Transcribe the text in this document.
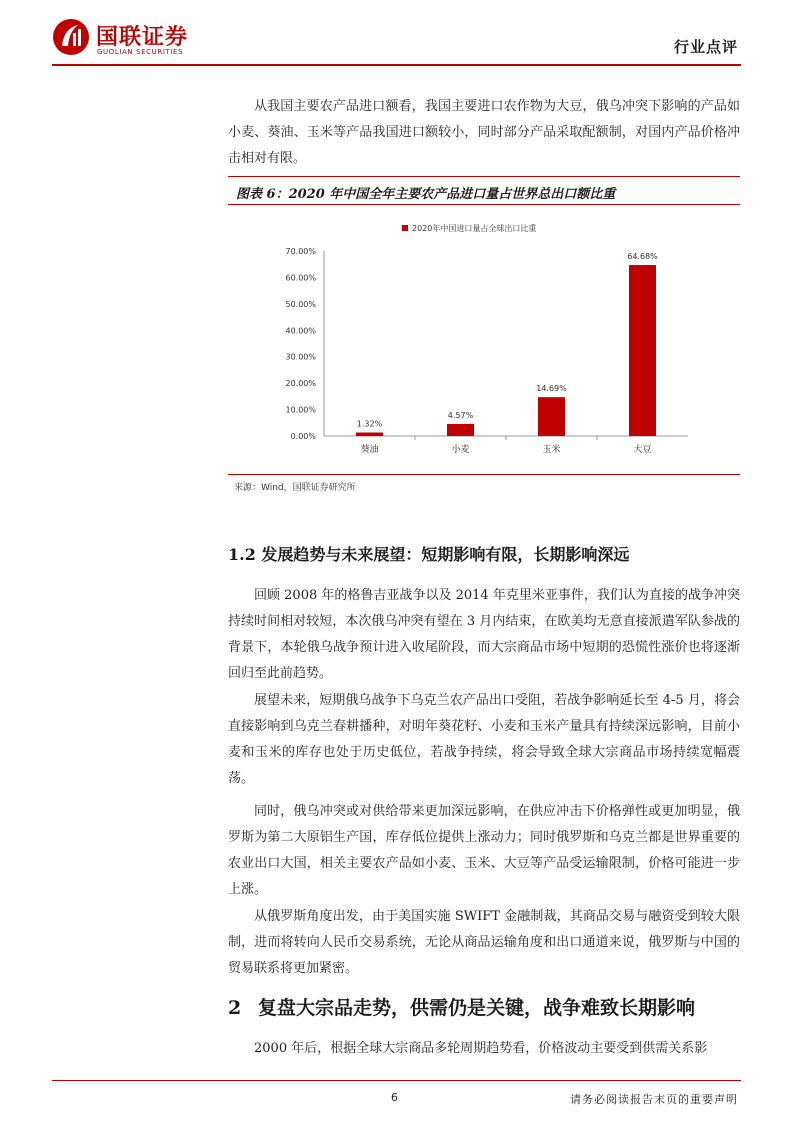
国联证券
GUOLIAN SECURITIES	行业点评

从我国主要农产品进口额看，我国主要进口农作物为大豆，俄乌冲突下影响的产品如小麦、葵油、玉米等产品我国进口额较小，同时部分产品采取配额制，对国内产品价格冲击相对有限。

图表 6：2020 年中国全年主要农产品进口量占世界总出口额比重
2020年中国进口量占全球出口比重
0.00%
10.00%
20.00%
30.00%
40.00%
50.00%
60.00%
70.00%
1.32%
葵油
4.57%
小麦
14.69%
玉米
64.68%
大豆
来源：Wind，国联证券研究所
1.2 发展趋势与未来展望：短期影响有限，长期影响深远

回顾 2008 年的格鲁吉亚战争以及 2014 年克里米亚事件，我们认为直接的战争冲突持续时间相对较短，本次俄乌冲突有望在 3 月内结束，在欧美均无意直接派遣军队参战的背景下，本轮俄乌战争预计进入收尾阶段，而大宗商品市场中短期的恐慌性涨价也将逐渐回归至此前趋势。

展望未来，短期俄乌战争下乌克兰农产品出口受阻，若战争影响延长至 4-5 月，将会直接影响到乌克兰春耕播种，对明年葵花籽、小麦和玉米产量具有持续深远影响，目前小麦和玉米的库存也处于历史低位，若战争持续，将会导致全球大宗商品市场持续宽幅震荡。

同时，俄乌冲突或对供给带来更加深远影响，在供应冲击下价格弹性或更加明显，俄罗斯为第二大原铝生产国，库存低位提供上涨动力；同时俄罗斯和乌克兰都是世界重要的农业出口大国，相关主要农产品如小麦、玉米、大豆等产品受运输限制，价格可能进一步上涨。

从俄罗斯角度出发，由于美国实施 SWIFT 金融制裁，其商品交易与融资受到较大限制，进而将转向人民币交易系统，无论从商品运输角度和出口通道来说，俄罗斯与中国的贸易联系将更加紧密。

2 复盘大宗品走势，供需仍是关键，战争难致长期影响

2000 年后，根据全球大宗商品多轮周期趋势看，价格波动主要受到供需关系影

6	请务必阅读报告末页的重要声明
